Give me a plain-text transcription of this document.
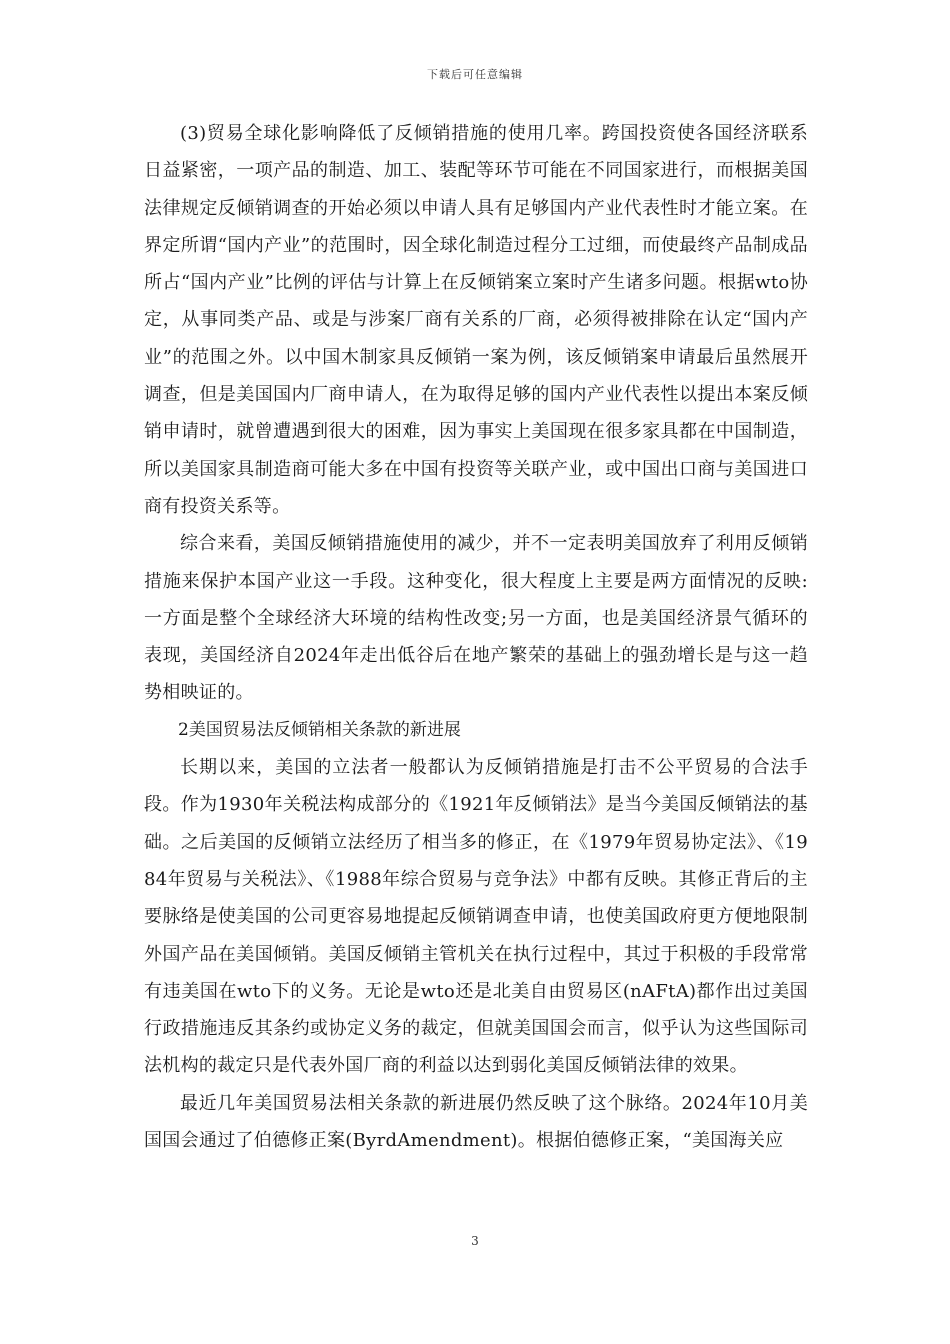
下载后可任意编辑

(3)贸易全球化影响降低了反倾销措施的使用几率。跨国投资使各国经济联系日益紧密，一项产品的制造、加工、装配等环节可能在不同国家进行，而根据美国法律规定反倾销调查的开始必须以申请人具有足够国内产业代表性时才能立案。在界定所谓“国内产业”的范围时，因全球化制造过程分工过细，而使最终产品制成品所占“国内产业”比例的评估与计算上在反倾销案立案时产生诸多问题。根据wto协定，从事同类产品、或是与涉案厂商有关系的厂商，必须得被排除在认定“国内产业”的范围之外。以中国木制家具反倾销一案为例，该反倾销案申请最后虽然展开调查，但是美国国内厂商申请人，在为取得足够的国内产业代表性以提出本案反倾销申请时，就曾遭遇到很大的困难，因为事实上美国现在很多家具都在中国制造，所以美国家具制造商可能大多在中国有投资等关联产业，或中国出口商与美国进口商有投资关系等。

综合来看，美国反倾销措施使用的减少，并不一定表明美国放弃了利用反倾销措施来保护本国产业这一手段。这种变化，很大程度上主要是两方面情况的反映:一方面是整个全球经济大环境的结构性改变;另一方面，也是美国经济景气循环的表现，美国经济自2024年走出低谷后在地产繁荣的基础上的强劲增长是与这一趋势相映证的。

2美国贸易法反倾销相关条款的新进展

长期以来，美国的立法者一般都认为反倾销措施是打击不公平贸易的合法手段。作为1930年关税法构成部分的《1921年反倾销法》是当今美国反倾销法的基础。之后美国的反倾销立法经历了相当多的修正，在《1979年贸易协定法》、《1984年贸易与关税法》、《1988年综合贸易与竞争法》中都有反映。其修正背后的主要脉络是使美国的公司更容易地提起反倾销调查申请，也使美国政府更方便地限制外国产品在美国倾销。美国反倾销主管机关在执行过程中，其过于积极的手段常常有违美国在wto下的义务。无论是wto还是北美自由贸易区(nAFtA)都作出过美国行政措施违反其条约或协定义务的裁定，但就美国国会而言，似乎认为这些国际司法机构的裁定只是代表外国厂商的利益以达到弱化美国反倾销法律的效果。

最近几年美国贸易法相关条款的新进展仍然反映了这个脉络。2024年10月美国国会通过了伯德修正案(ByrdAmendment)。根据伯德修正案，“美国海关应

3
